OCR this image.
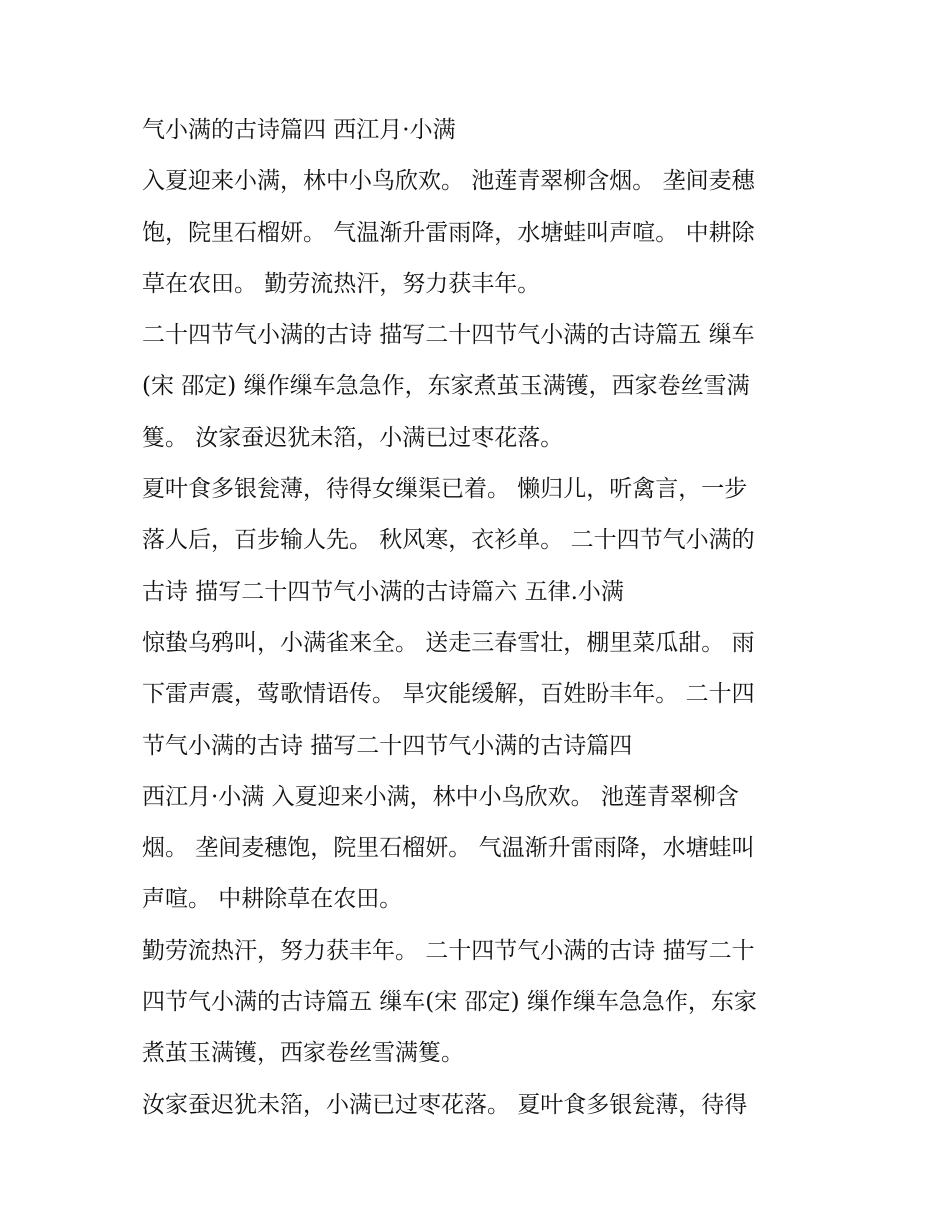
气小满的古诗篇四 西江月·小满
入夏迎来小满，林中小鸟欣欢。 池莲青翠柳含烟。 垄间麦穗
饱，院里石榴妍。 气温渐升雷雨降，水塘蛙叫声喧。 中耕除
草在农田。 勤劳流热汗，努力获丰年。
二十四节气小满的古诗 描写二十四节气小满的古诗篇五 缫车
(宋 邵定) 缫作缫车急急作，东家煮茧玉满镬，西家卷丝雪满
篗。 汝家蚕迟犹未箔，小满已过枣花落。
夏叶食多银瓮薄，待得女缫渠已着。 懒归儿，听禽言，一步
落人后，百步输人先。 秋风寒，衣衫单。 二十四节气小满的
古诗 描写二十四节气小满的古诗篇六 五律.小满
惊蛰乌鸦叫，小满雀来全。 送走三春雪壮，棚里菜瓜甜。 雨
下雷声震，莺歌情语传。 旱灾能缓解，百姓盼丰年。 二十四
节气小满的古诗 描写二十四节气小满的古诗篇四
西江月·小满 入夏迎来小满，林中小鸟欣欢。 池莲青翠柳含
烟。 垄间麦穗饱，院里石榴妍。 气温渐升雷雨降，水塘蛙叫
声喧。 中耕除草在农田。
勤劳流热汗，努力获丰年。 二十四节气小满的古诗 描写二十
四节气小满的古诗篇五 缫车(宋 邵定) 缫作缫车急急作，东家
煮茧玉满镬，西家卷丝雪满篗。
汝家蚕迟犹未箔，小满已过枣花落。 夏叶食多银瓮薄，待得
